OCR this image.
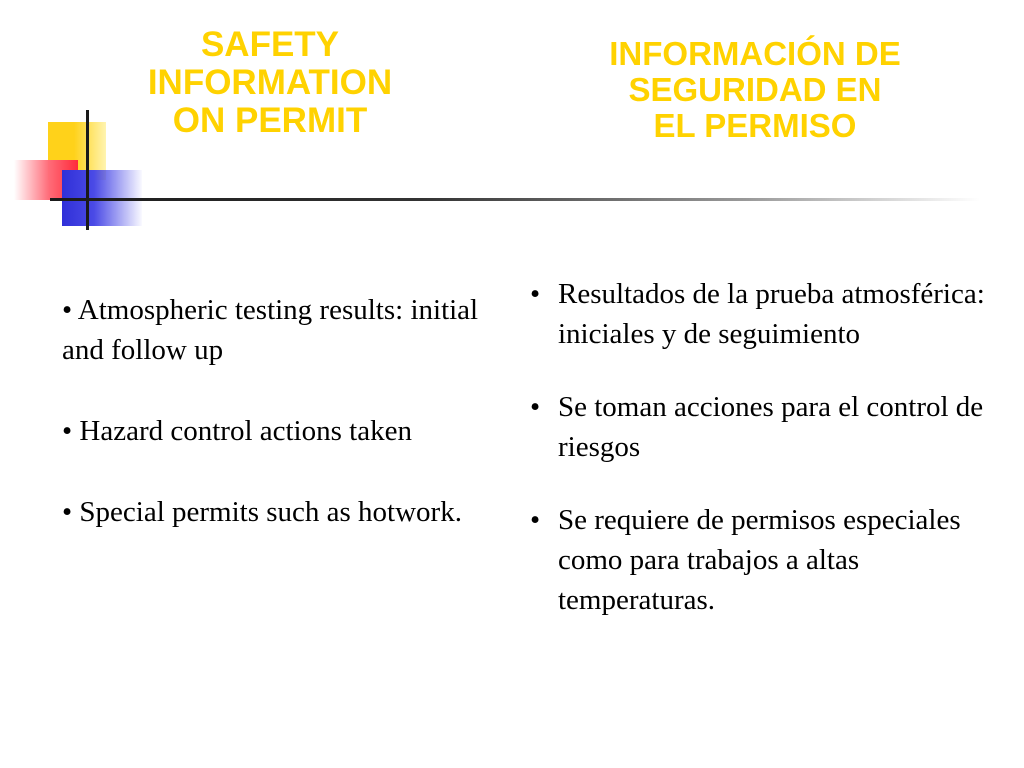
SAFETY
INFORMATION
ON PERMIT
INFORMACIÓN DE
SEGURIDAD EN
EL PERMISO
• Atmospheric testing results: initial and follow up
• Hazard control actions taken
• Special permits such as hotwork.
• Resultados de la prueba atmosférica: iniciales y de seguimiento
• Se toman acciones para el control de riesgos
• Se requiere de permisos especiales como para trabajos a altas temperaturas.
